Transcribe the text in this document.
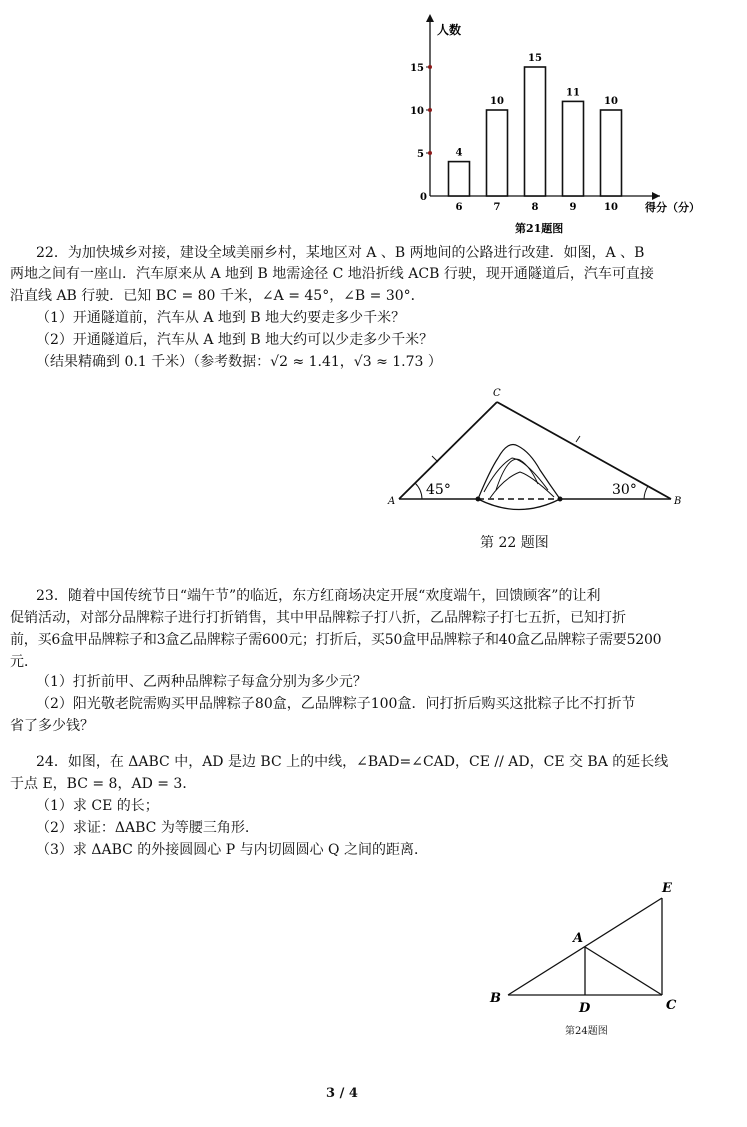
人数
得分（分）
0
第21题图
5
10
15
4
6
10
7
15
8
11
9
10
10
22．为加快城乡对接，建设全域美丽乡村，某地区对 A 、B 两地间的公路进行改建．如图，A 、B
两地之间有一座山．汽车原来从 A 地到 B 地需途径 C 地沿折线 ACB 行驶，现开通隧道后，汽车可直接
沿直线 AB 行驶．已知 BC = 80 千米，∠A = 45°，∠B = 30°．
（1）开通隧道前，汽车从 A 地到 B 地大约要走多少千米？
（2）开通隧道后，汽车从 A 地到 B 地大约可以少走多少千米？
（结果精确到 0.1 千米）（参考数据：√2 ≈ 1.41，√3 ≈ 1.73 ）
A	B
C
45°	30°
第 22 题图
23．随着中国传统节日“端午节”的临近，东方红商场决定开展“欢度端午，回馈顾客”的让利
促销活动，对部分品牌粽子进行打折销售，其中甲品牌粽子打八折，乙品牌粽子打七五折，已知打折
前，买6盒甲品牌粽子和3盒乙品牌粽子需600元；打折后，买50盒甲品牌粽子和40盒乙品牌粽子需要5200
元．
（1）打折前甲、乙两种品牌粽子每盒分别为多少元？
（2）阳光敬老院需购买甲品牌粽子80盒，乙品牌粽子100盒．问打折后购买这批粽子比不打折节
省了多少钱？
24．如图，在 ΔABC 中，AD 是边 BC 上的中线，∠BAD=∠CAD，CE // AD，CE 交 BA 的延长线
于点 E，BC = 8，AD = 3．
（1）求 CE 的长；
（2）求证：ΔABC 为等腰三角形.
（3）求 ΔABC 的外接圆圆心 P 与内切圆圆心 Q 之间的距离．
E
A
B	C
D
第24题图
3 / 4
